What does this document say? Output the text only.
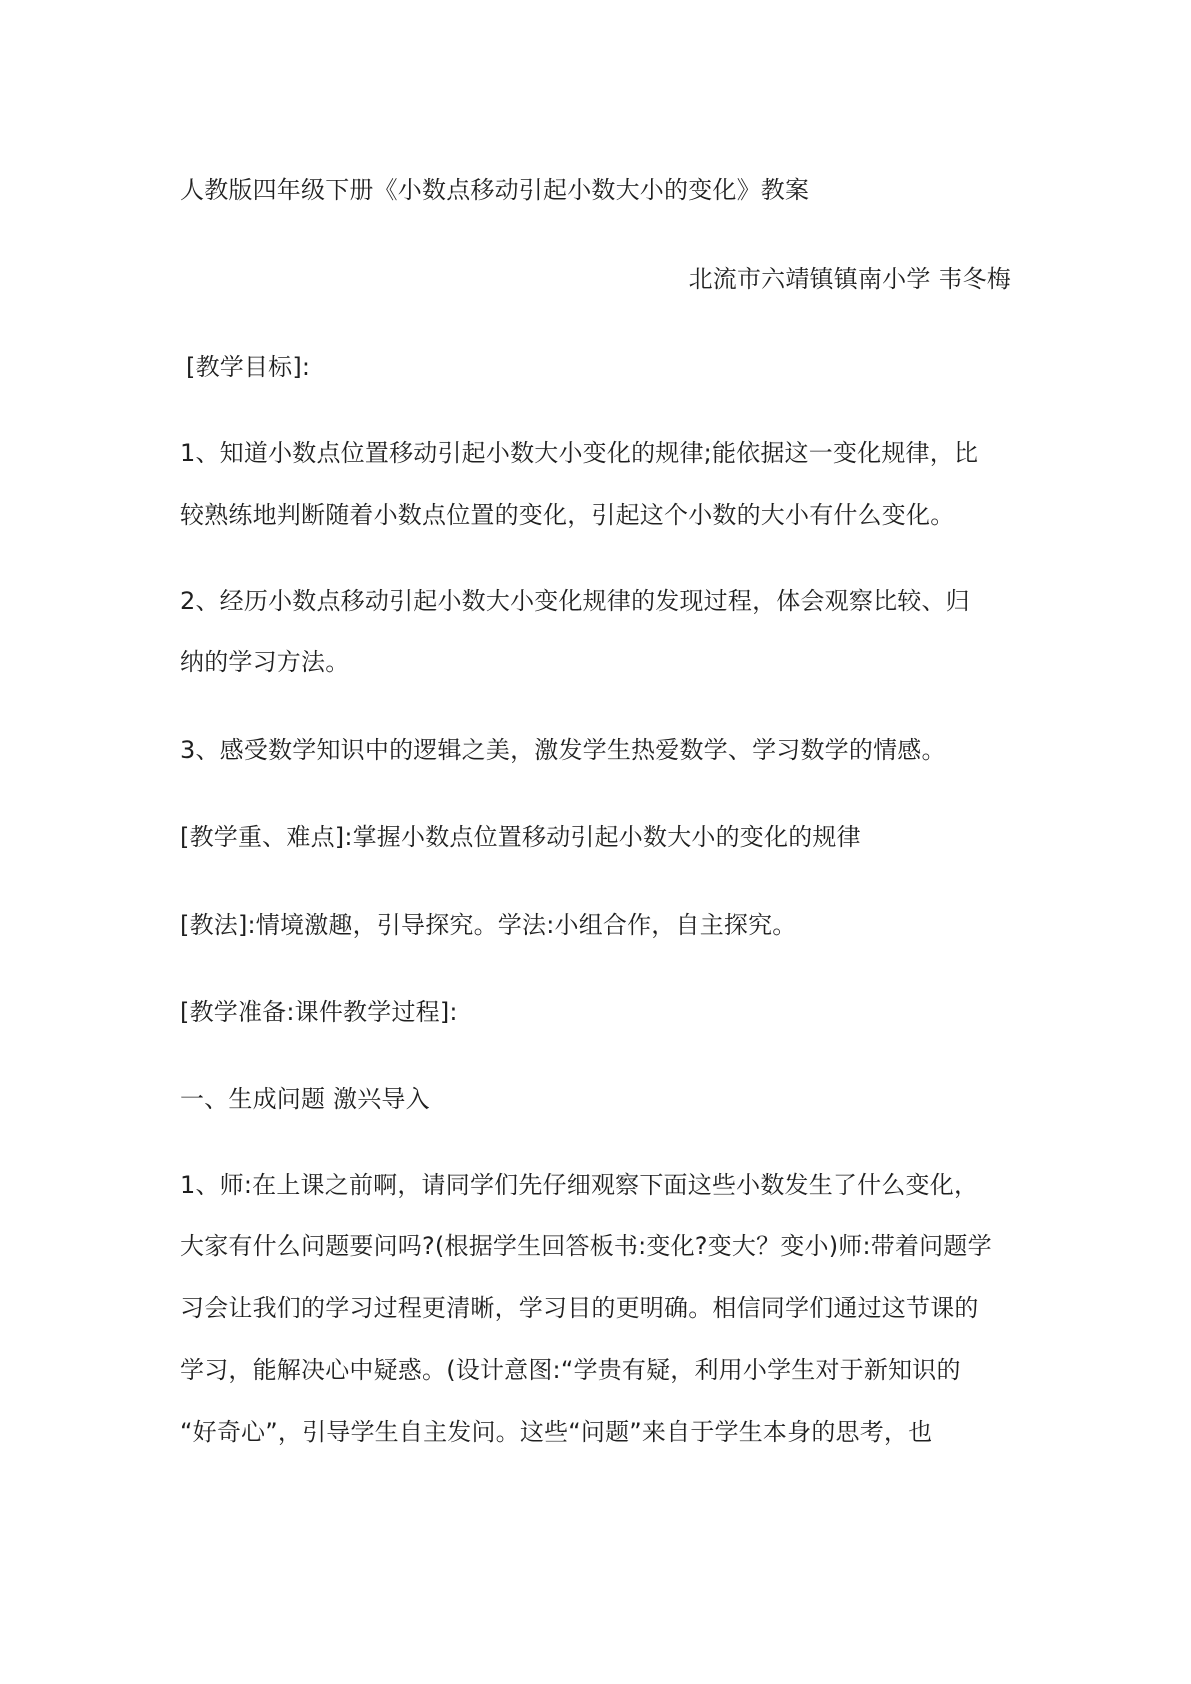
人教版四年级下册《小数点移动引起小数大小的变化》教案
北流市六靖镇镇南小学 韦冬梅
[教学目标]:
1、知道小数点位置移动引起小数大小变化的规律;能依据这一变化规律，比
较熟练地判断随着小数点位置的变化，引起这个小数的大小有什么变化。
2、经历小数点移动引起小数大小变化规律的发现过程，体会观察比较、归
纳的学习方法。
3、感受数学知识中的逻辑之美，激发学生热爱数学、学习数学的情感。
[教学重、难点]:掌握小数点位置移动引起小数大小的变化的规律
[教法]:情境激趣，引导探究。学法:小组合作，自主探究。
[教学准备:课件教学过程]:
一、生成问题 激兴导入
1、师:在上课之前啊，请同学们先仔细观察下面这些小数发生了什么变化，
大家有什么问题要问吗?(根据学生回答板书:变化?变大？变小)师:带着问题学
习会让我们的学习过程更清晰，学习目的更明确。相信同学们通过这节课的
学习，能解决心中疑惑。(设计意图:“学贵有疑，利用小学生对于新知识的
“好奇心”，引导学生自主发问。这些“问题”来自于学生本身的思考，也
